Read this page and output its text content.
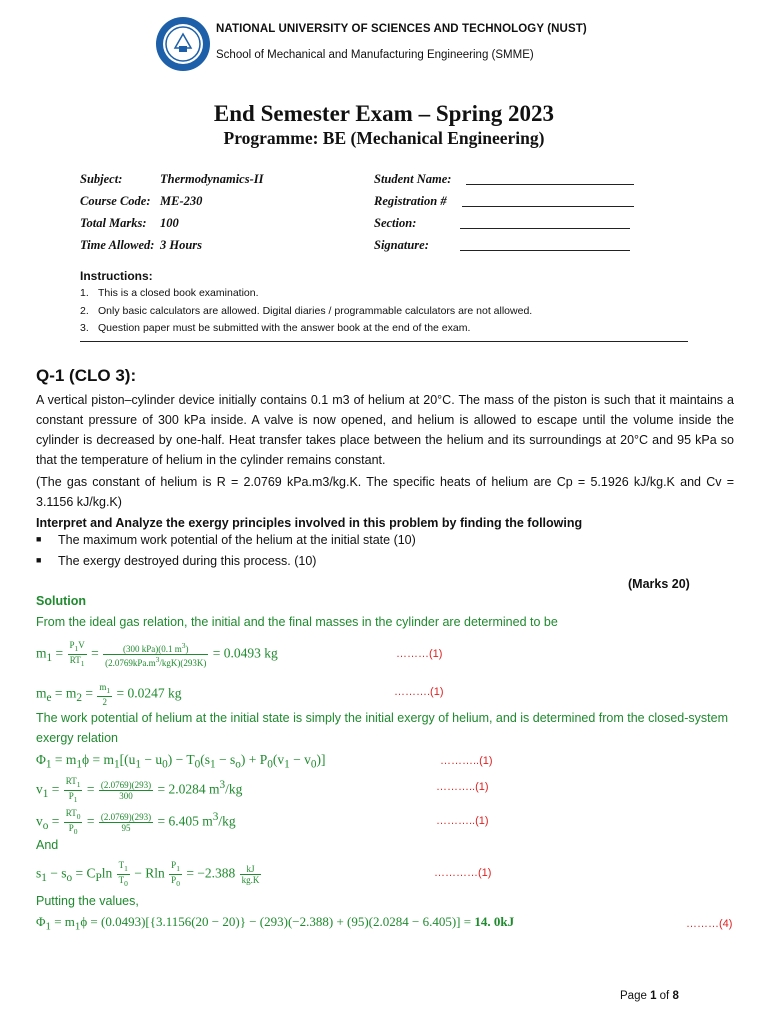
NATIONAL UNIVERSITY OF SCIENCES AND TECHNOLOGY (NUST)
School of Mechanical and Manufacturing Engineering (SMME)
End Semester Exam – Spring 2023
Programme: BE (Mechanical Engineering)
Subject:	Thermodynamics-II
Course Code: ME-230
Total Marks: 100
Time Allowed: 3 Hours
Student Name:
Registration #
Section:
Signature:
Instructions:
1. This is a closed book examination.
2. Only basic calculators are allowed. Digital diaries / programmable calculators are not allowed.
3. Question paper must be submitted with the answer book at the end of the exam.
Q-1 (CLO 3):
A vertical piston–cylinder device initially contains 0.1 m3 of helium at 20°C. The mass of the piston is such that it maintains a constant pressure of 300 kPa inside. A valve is now opened, and helium is allowed to escape until the volume inside the cylinder is decreased by one-half. Heat transfer takes place between the helium and its surroundings at 20°C and 95 kPa so that the temperature of helium in the cylinder remains constant.
(The gas constant of helium is R = 2.0769 kPa.m3/kg.K. The specific heats of helium are Cp = 5.1926 kJ/kg.K and Cv = 3.1156 kJ/kg.K)
Interpret and Analyze the exergy principles involved in this problem by finding the following
■ The maximum work potential of the helium at the initial state (10)
■ The exergy destroyed during this process. (10)
(Marks 20)
Solution
From the ideal gas relation, the initial and the final masses in the cylinder are determined to be
$m_1 = \frac{P_1V}{RT_1} = \frac{(300 kPa)(0.1 m^3)}{(2.0769kPa.m^3/kgK)(293K)} = 0.0493$ kg	………(1)
$m_e = m_2 = \frac{m_1}{2} = 0.0247$ kg	……….(1)
The work potential of helium at the initial state is simply the initial exergy of helium, and is determined from the closed-system exergy relation
$\Phi_1 = m_1\phi = m_1[(u_1 - u_0) - T_0(s_1 - s_o) + P_0(v_1 - v_0)]$	………..(1)
$v_1 = \frac{RT_1}{P_1} = \frac{(2.0769)(293)}{300} = 2.0284$ $m^3/kg$	………..(1)
$v_o = \frac{RT_0}{P_0} = \frac{(2.0769)(293)}{95} = 6.405$ $m^3/kg$	………..(1)
And
$s_1 - s_o = C_P\ln \frac{T_1}{T_0} - Rln \frac{P_1}{P_0} = -2.388 \frac{kJ}{kg.K}$	…………(1)
Putting the values,
$\Phi_1 = m_1\phi = (0.0493)[\{3.1156(20 - 20)\} - (293)(-2.388) + (95)(2.0284 - 6.405)] = 14$. 0kJ	………(4)
Page 1 of 8
